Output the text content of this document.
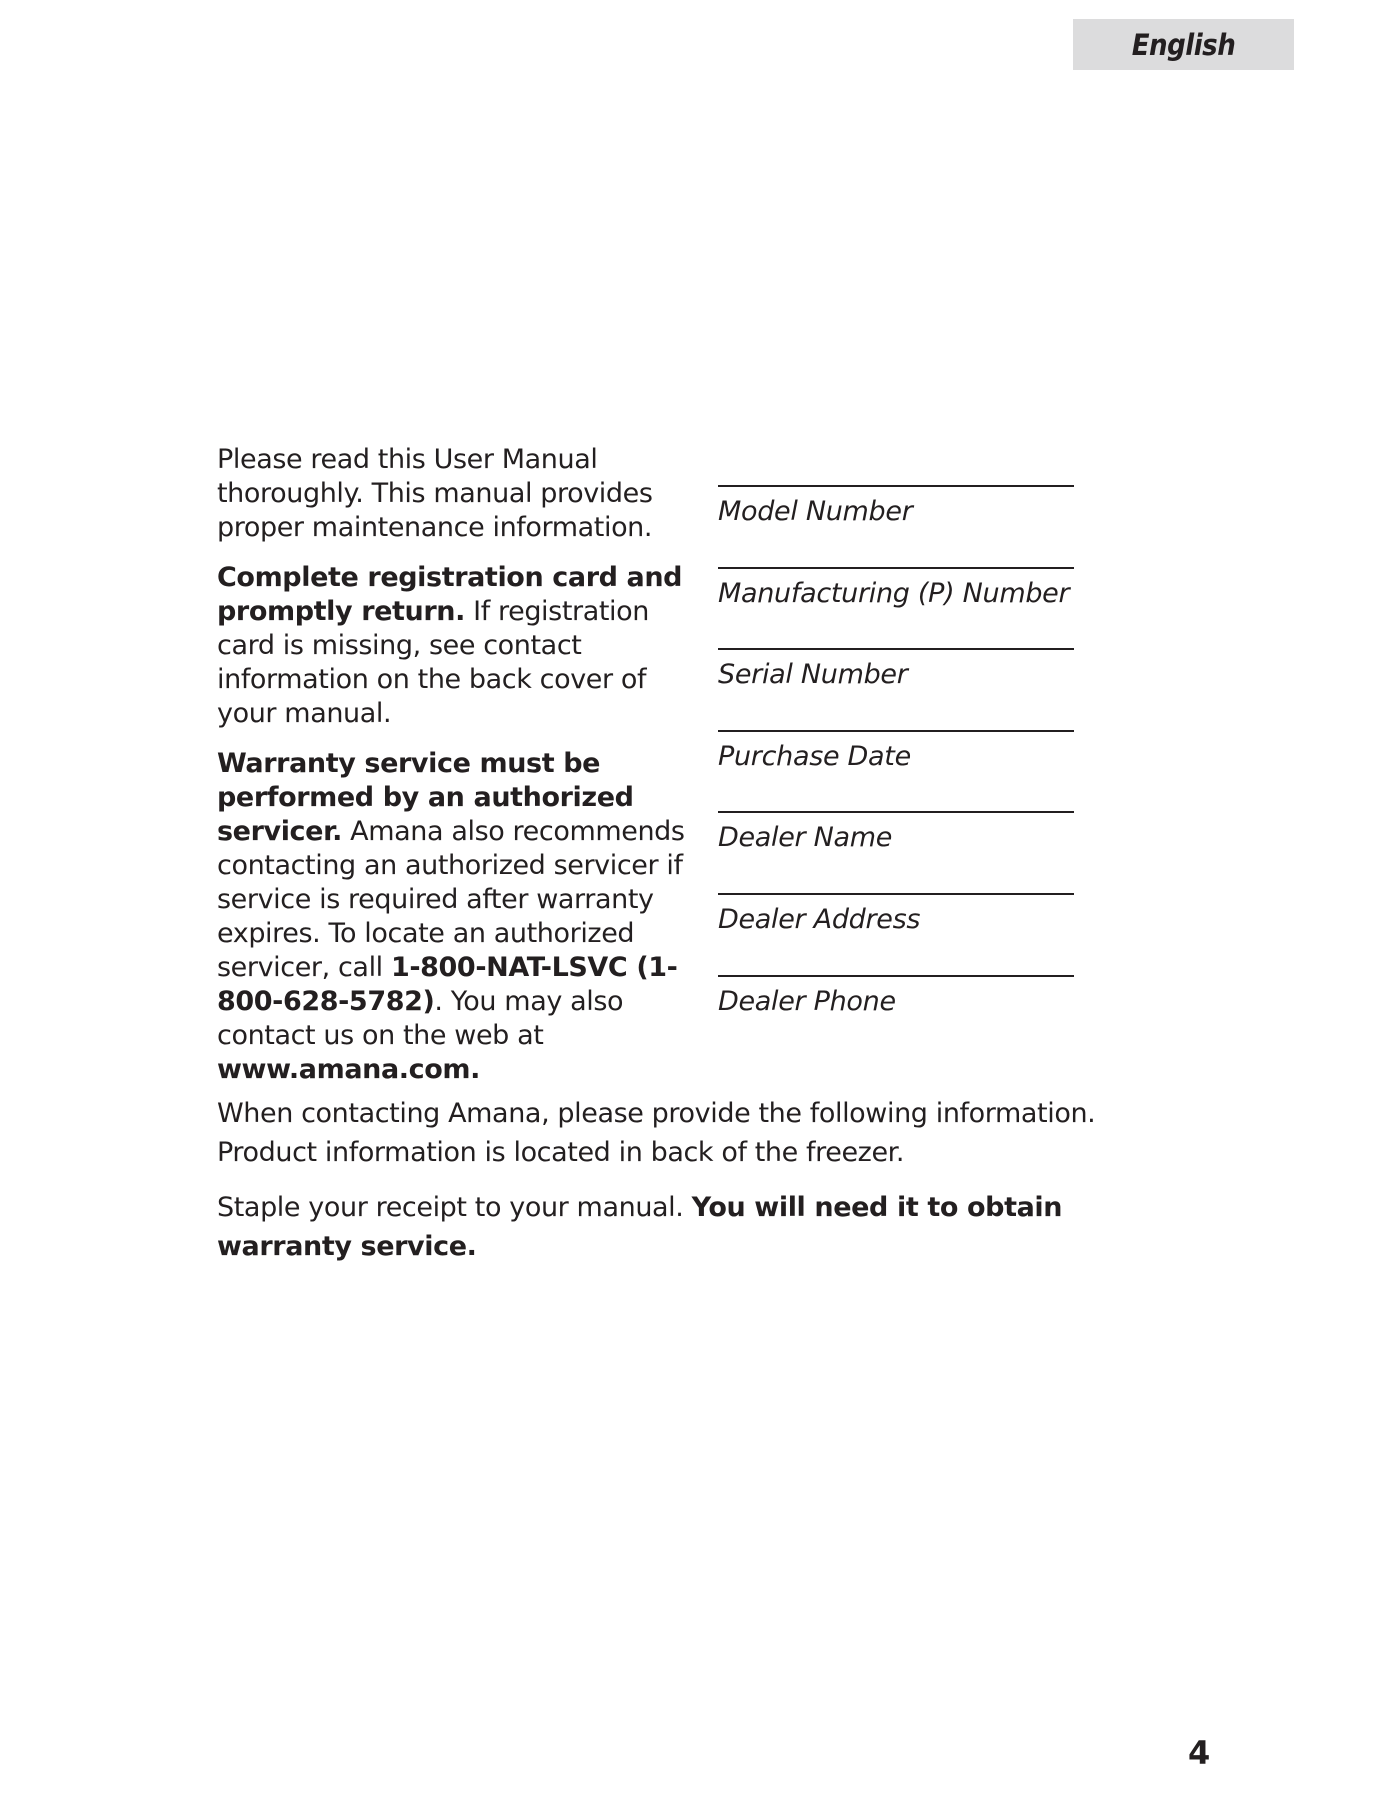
English

Please read this User Manual thoroughly. This manual provides proper maintenance information.

Complete registration card and promptly return. If registration card is missing, see contact information on the back cover of your manual.

Warranty service must be performed by an authorized servicer. Amana also recommends contacting an authorized servicer if service is required after warranty expires. To locate an authorized servicer, call 1-800-NAT-LSVC (1-800-628-5782). You may also contact us on the web at www.amana.com.

Model Number
Manufacturing (P) Number
Serial Number
Purchase Date
Dealer Name
Dealer Address
Dealer Phone

When contacting Amana, please provide the following information. Product information is located in back of the freezer.

Staple your receipt to your manual. You will need it to obtain warranty service.

4
